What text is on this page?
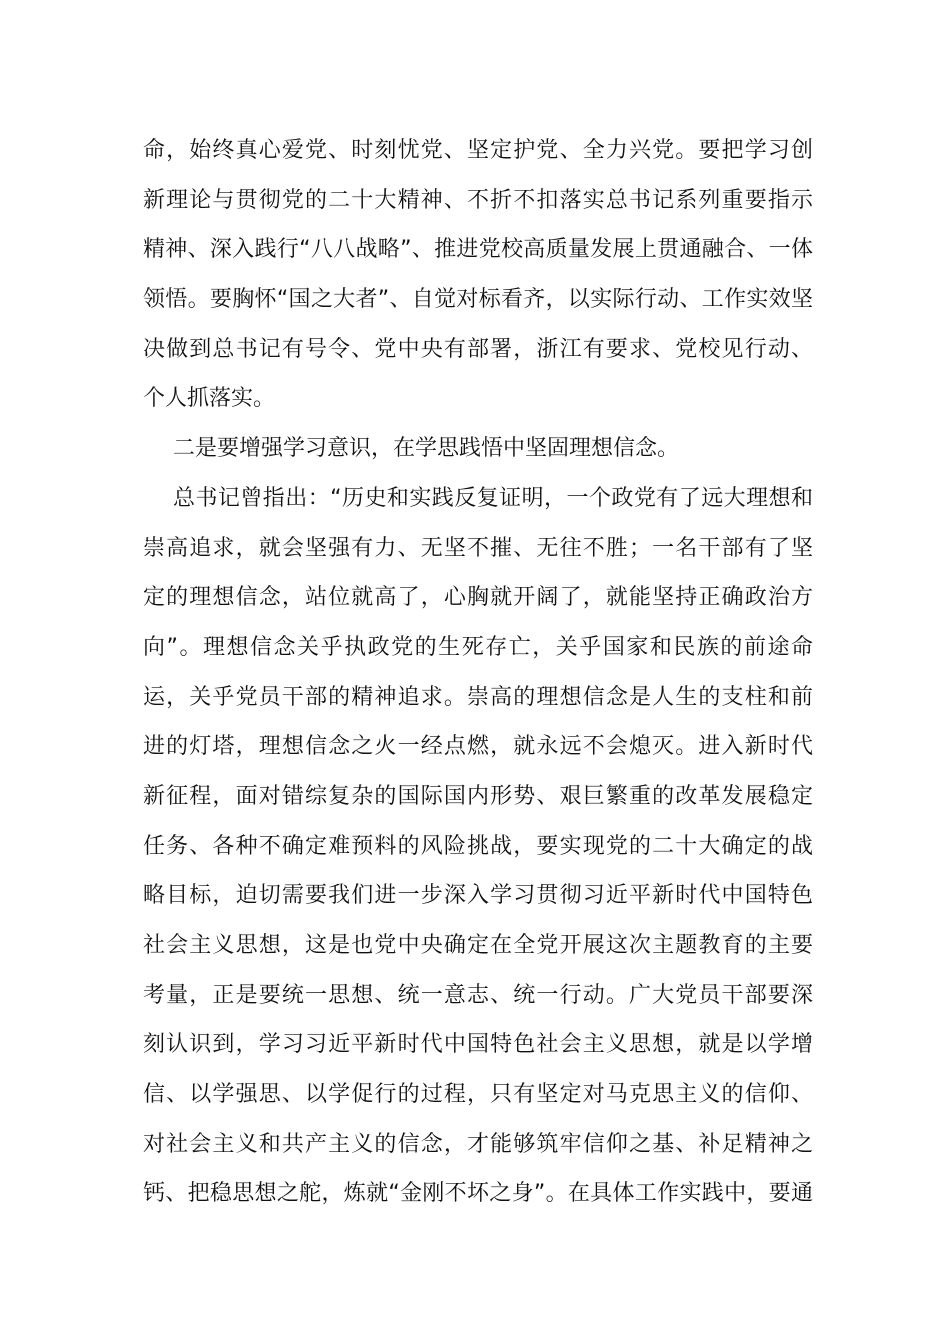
命，始终真心爱党、时刻忧党、坚定护党、全力兴党。要把学习创
新理论与贯彻党的二十大精神、不折不扣落实总书记系列重要指示
精神、深入践行“八八战略”、推进党校高质量发展上贯通融合、一体
领悟。要胸怀“国之大者”、自觉对标看齐，以实际行动、工作实效坚
决做到总书记有号令、党中央有部署，浙江有要求、党校见行动、
个人抓落实。
二是要增强学习意识，在学思践悟中坚固理想信念。
总书记曾指出：“历史和实践反复证明，一个政党有了远大理想和
崇高追求，就会坚强有力、无坚不摧、无往不胜；一名干部有了坚
定的理想信念，站位就高了，心胸就开阔了，就能坚持正确政治方
向”。理想信念关乎执政党的生死存亡，关乎国家和民族的前途命
运，关乎党员干部的精神追求。崇高的理想信念是人生的支柱和前
进的灯塔，理想信念之火一经点燃，就永远不会熄灭。进入新时代
新征程，面对错综复杂的国际国内形势、艰巨繁重的改革发展稳定
任务、各种不确定难预料的风险挑战，要实现党的二十大确定的战
略目标，迫切需要我们进一步深入学习贯彻习近平新时代中国特色
社会主义思想，这是也党中央确定在全党开展这次主题教育的主要
考量，正是要统一思想、统一意志、统一行动。广大党员干部要深
刻认识到，学习习近平新时代中国特色社会主义思想，就是以学增
信、以学强思、以学促行的过程，只有坚定对马克思主义的信仰、
对社会主义和共产主义的信念，才能够筑牢信仰之基、补足精神之
钙、把稳思想之舵，炼就“金刚不坏之身”。在具体工作实践中，要通
